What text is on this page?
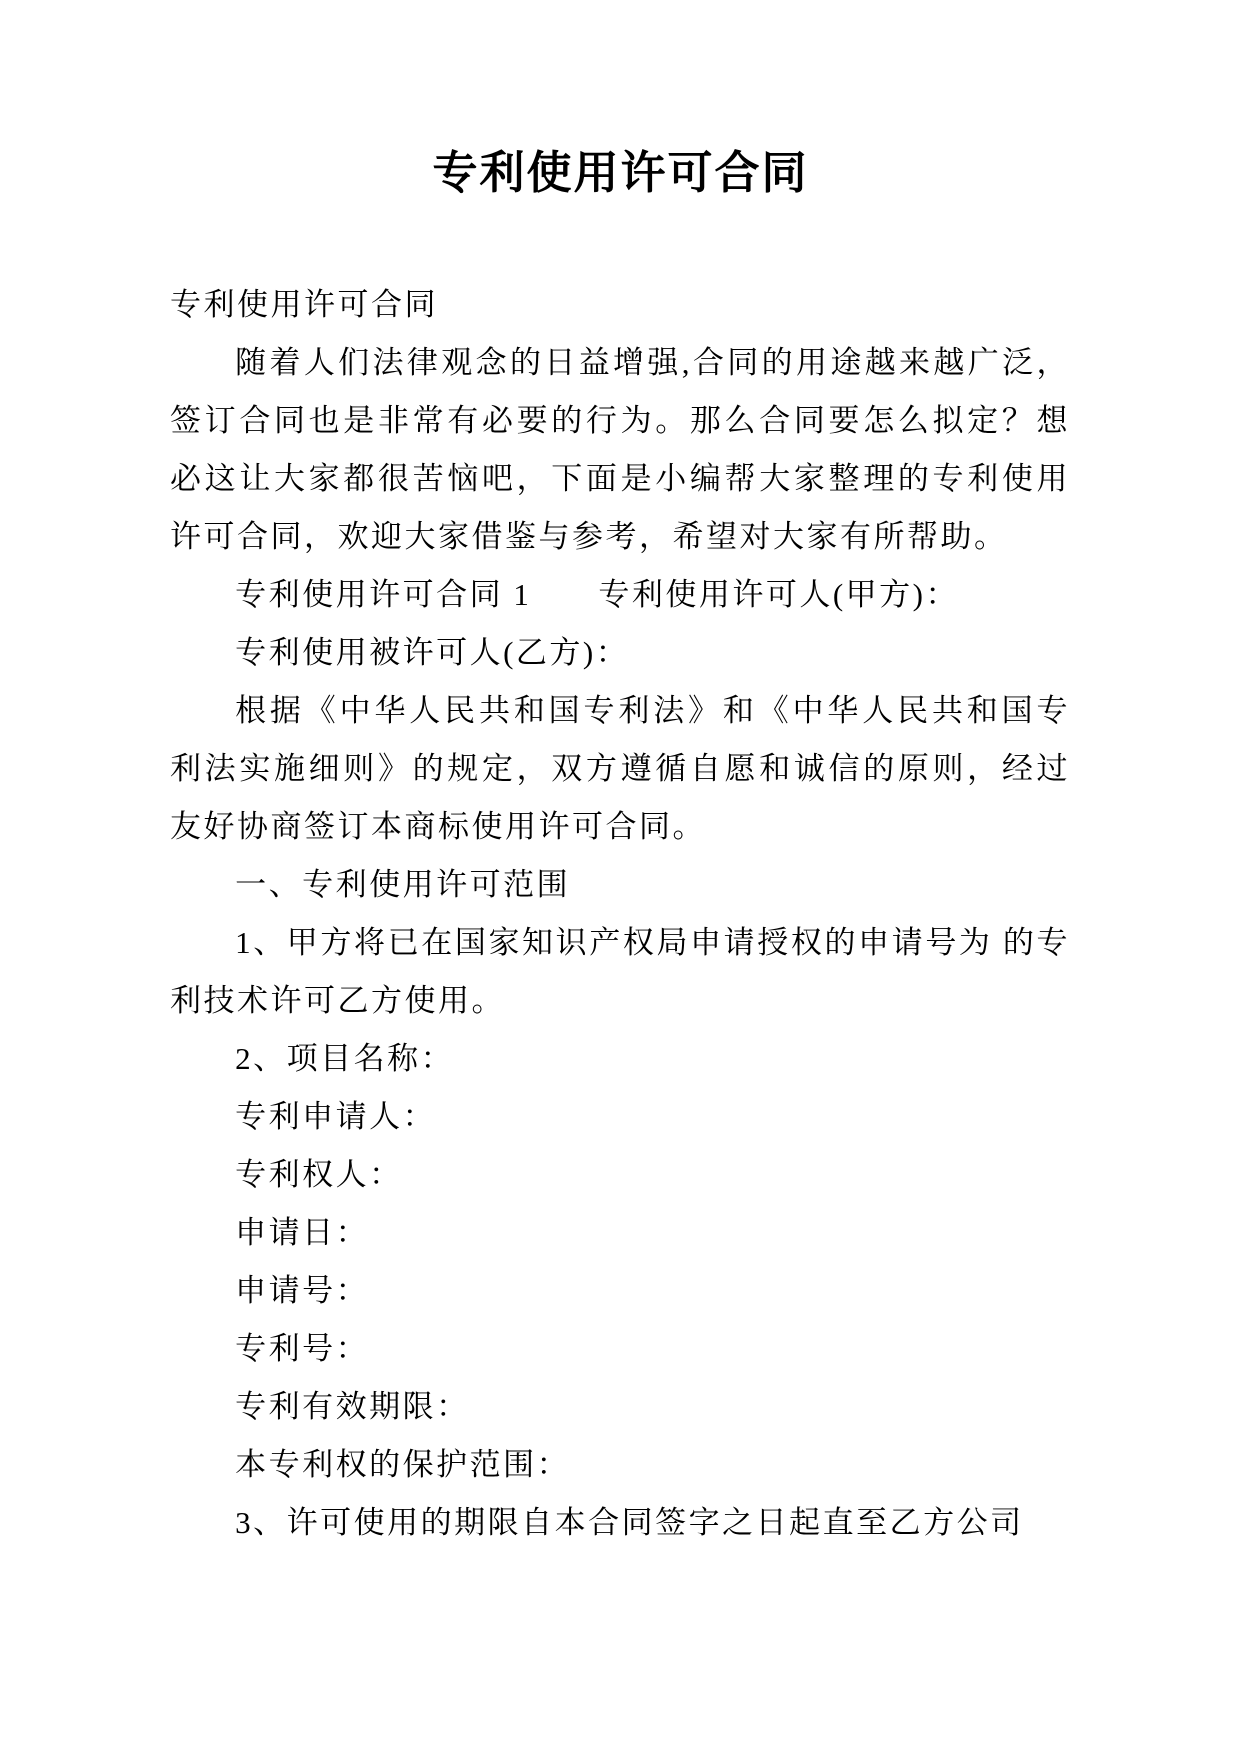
专利使用许可合同

专利使用许可合同

随着人们法律观念的日益增强,合同的用途越来越广泛，签订合同也是非常有必要的行为。那么合同要怎么拟定？想必这让大家都很苦恼吧，下面是小编帮大家整理的专利使用许可合同，欢迎大家借鉴与参考，希望对大家有所帮助。

专利使用许可合同 1　　专利使用许可人(甲方)：

专利使用被许可人(乙方)：

根据《中华人民共和国专利法》和《中华人民共和国专利法实施细则》的规定，双方遵循自愿和诚信的原则，经过友好协商签订本商标使用许可合同。

一、专利使用许可范围

1、甲方将已在国家知识产权局申请授权的申请号为 的专利技术许可乙方使用。

2、项目名称：

专利申请人：

专利权人：

申请日：

申请号：

专利号：

专利有效期限：

本专利权的保护范围：

3、许可使用的期限自本合同签字之日起直至乙方公司
